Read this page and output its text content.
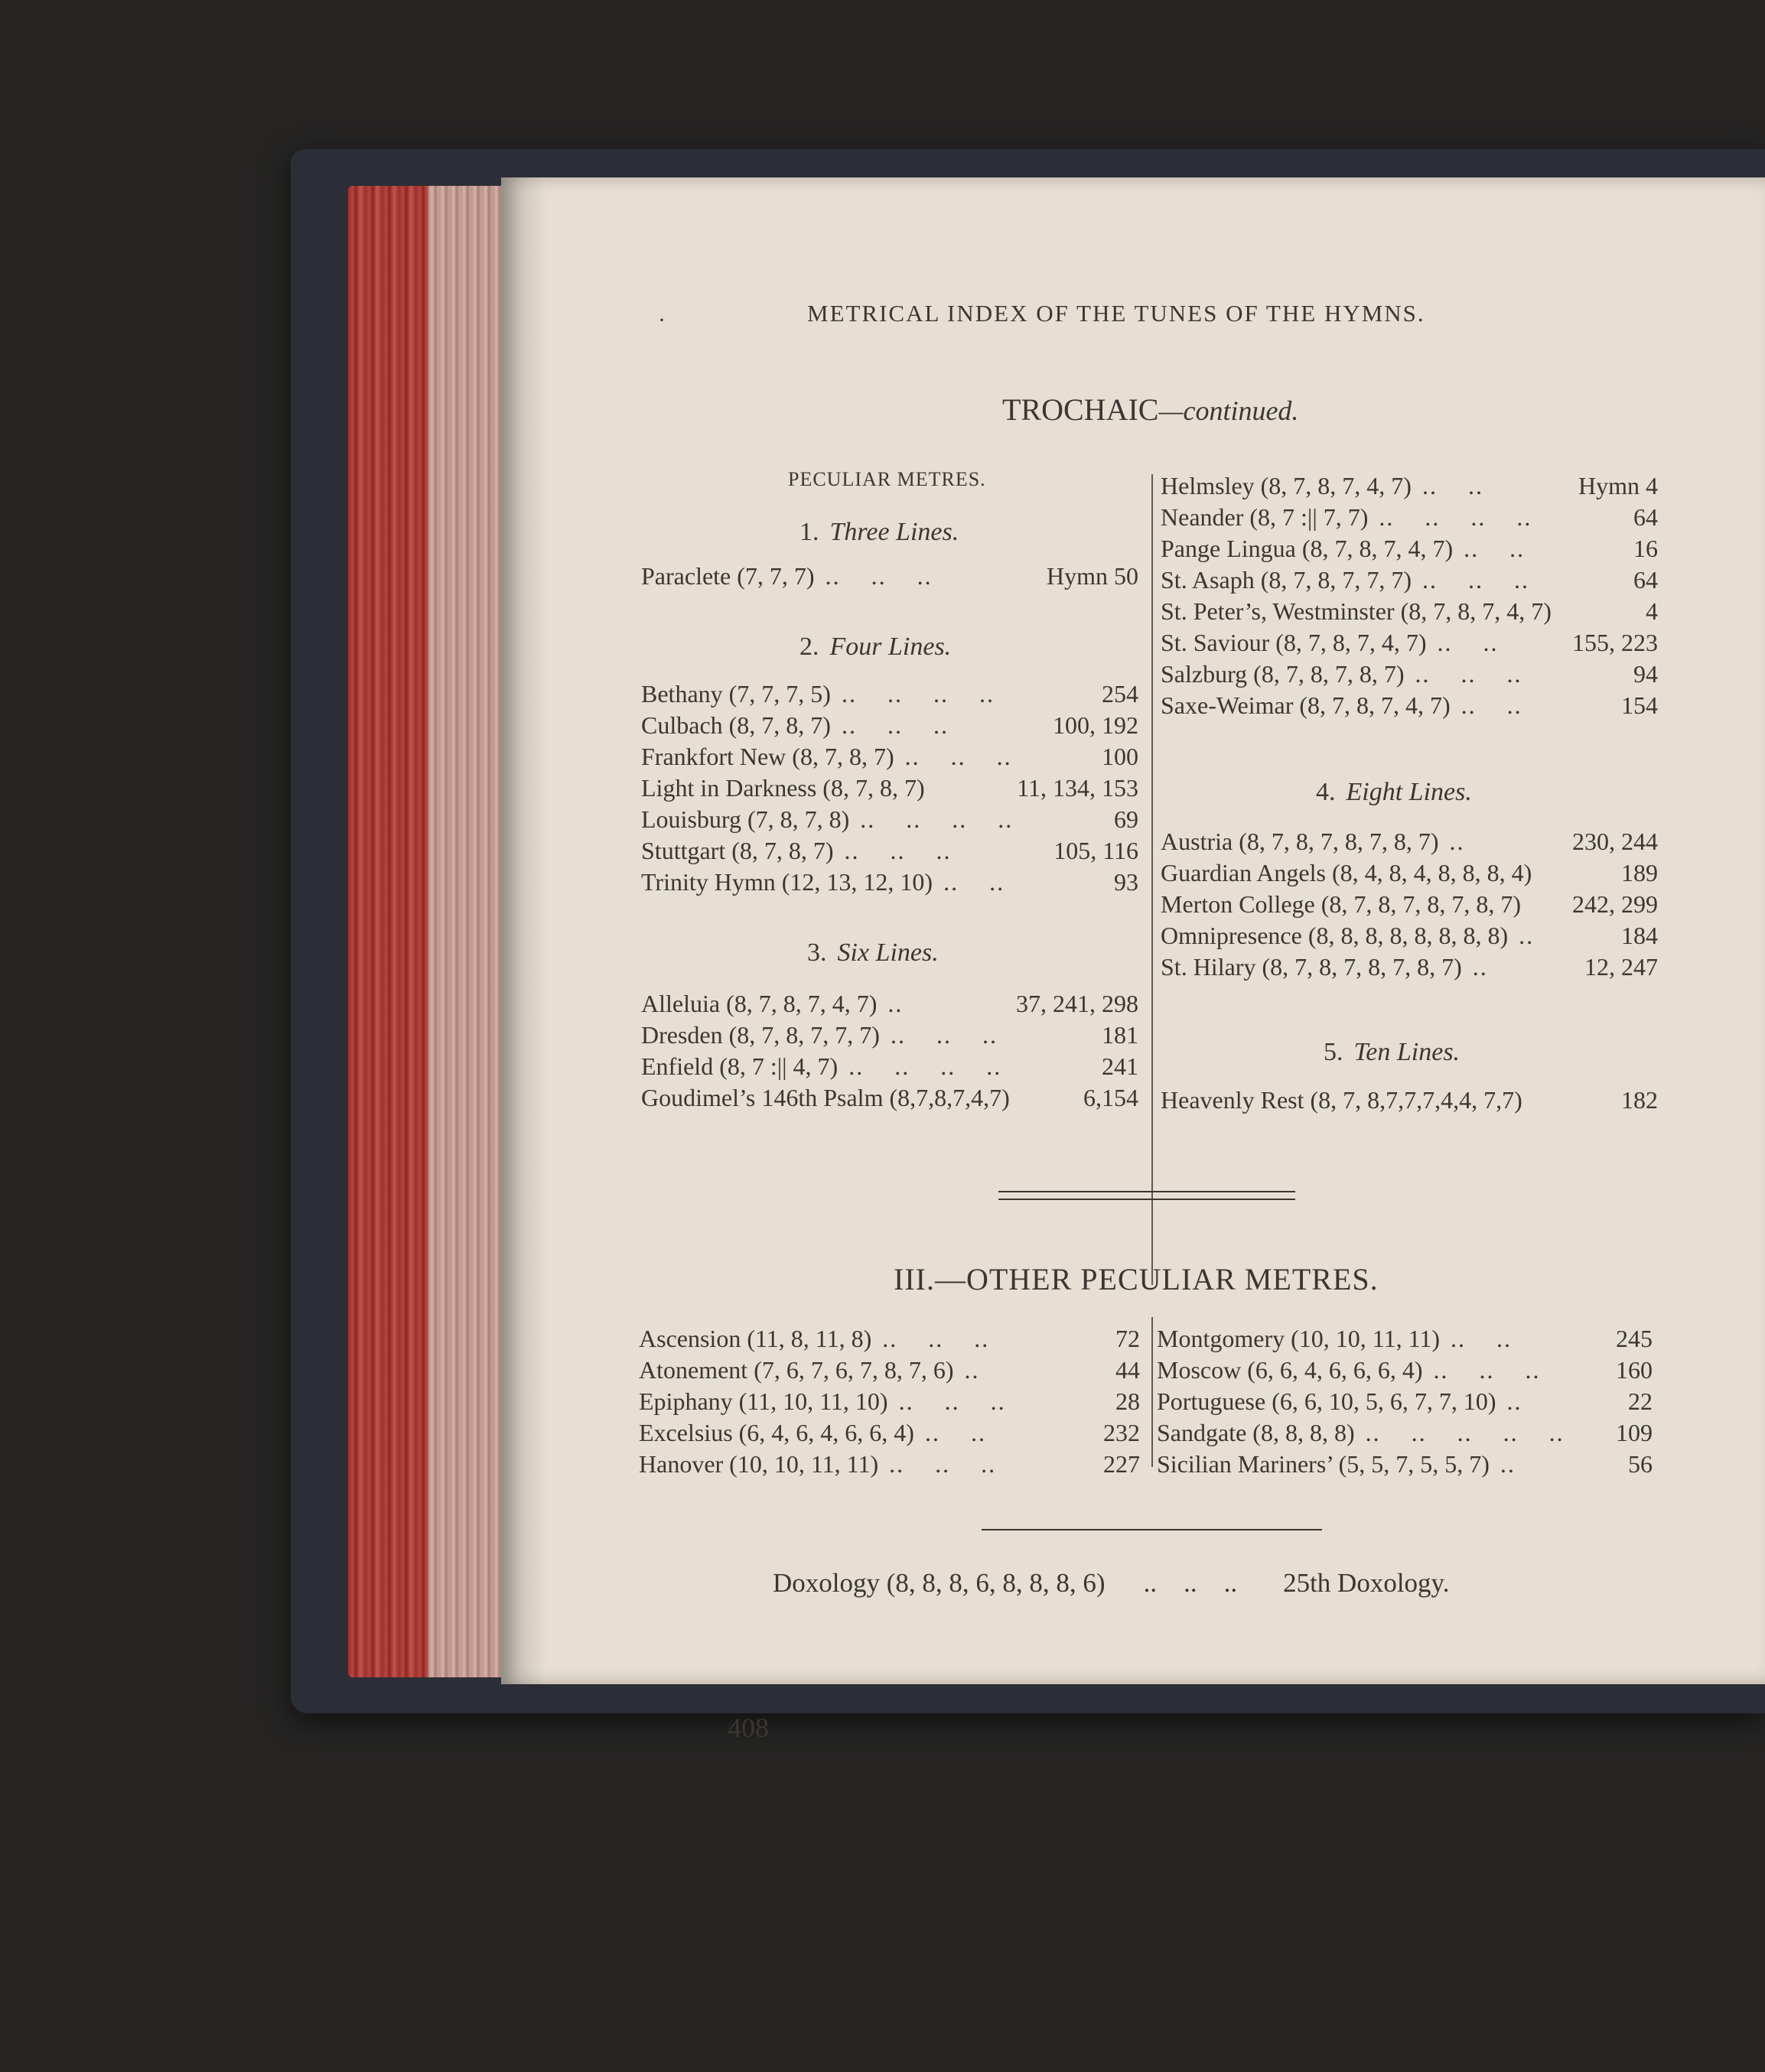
·	METRICAL INDEX OF THE TUNES OF THE HYMNS.
TROCHAIC—continued.
PECULIAR METRES.
1. Three Lines.
Paraclete (7, 7, 7) ..    ..    ..	Hymn 50
2. Four Lines.
Bethany (7, 7, 7, 5) ..    ..    ..    ..	254
Culbach (8, 7, 8, 7) ..    ..    ..	100, 192
Frankfort New (8, 7, 8, 7) ..    ..    ..	100
Light in Darkness (8, 7, 8, 7)	11, 134, 153
Louisburg (7, 8, 7, 8) ..    ..    ..    ..	69
Stuttgart (8, 7, 8, 7) ..    ..    ..	105, 116
Trinity Hymn (12, 13, 12, 10) ..    ..	93
3. Six Lines.
Alleluia (8, 7, 8, 7, 4, 7) ..	37, 241, 298
Dresden (8, 7, 8, 7, 7, 7) ..    ..    ..	181
Enfield (8, 7 :|| 4, 7) ..    ..    ..    ..	241
Goudimel’s 146th Psalm (8,7,8,7,4,7)	6,154
Helmsley (8, 7, 8, 7, 4, 7) ..    ..	Hymn 4
Neander (8, 7 :|| 7, 7) ..    ..    ..    ..	64
Pange Lingua (8, 7, 8, 7, 4, 7) ..    ..	16
St. Asaph (8, 7, 8, 7, 7, 7) ..    ..    ..	64
St. Peter’s, Westminster (8, 7, 8, 7, 4, 7)	4
St. Saviour (8, 7, 8, 7, 4, 7) ..    ..	155, 223
Salzburg (8, 7, 8, 7, 8, 7) ..    ..    ..	94
Saxe-Weimar (8, 7, 8, 7, 4, 7) ..    ..	154
4. Eight Lines.
Austria (8, 7, 8, 7, 8, 7, 8, 7) ..	230, 244
Guardian Angels (8, 4, 8, 4, 8, 8, 8, 4)	189
Merton College (8, 7, 8, 7, 8, 7, 8, 7) 242, 299
Omnipresence (8, 8, 8, 8, 8, 8, 8, 8) ..	184
St. Hilary (8, 7, 8, 7, 8, 7, 8, 7) ..	12, 247
5. Ten Lines.
Heavenly Rest (8, 7, 8,7,7,7,4,4, 7,7)	182
III.—OTHER PECULIAR METRES.
Ascension (11, 8, 11, 8) ..    ..    ..	72
Atonement (7, 6, 7, 6, 7, 8, 7, 6) ..	44
Epiphany (11, 10, 11, 10) ..    ..    ..	28
Excelsius (6, 4, 6, 4, 6, 6, 4) ..    ..	232
Hanover (10, 10, 11, 11) ..    ..    ..	227
Montgomery (10, 10, 11, 11) ..    ..	245
Moscow (6, 6, 4, 6, 6, 6, 4) ..    ..    ..	160
Portuguese (6, 6, 10, 5, 6, 7, 7, 10) ..	22
Sandgate (8, 8, 8, 8) ..    ..    ..    ..    .. 109
Sicilian Mariners’ (5, 5, 7, 5, 5, 7) ..	56
Doxology (8, 8, 8, 6, 8, 8, 8, 6) ..    ..    .. 25th Doxology.
408
